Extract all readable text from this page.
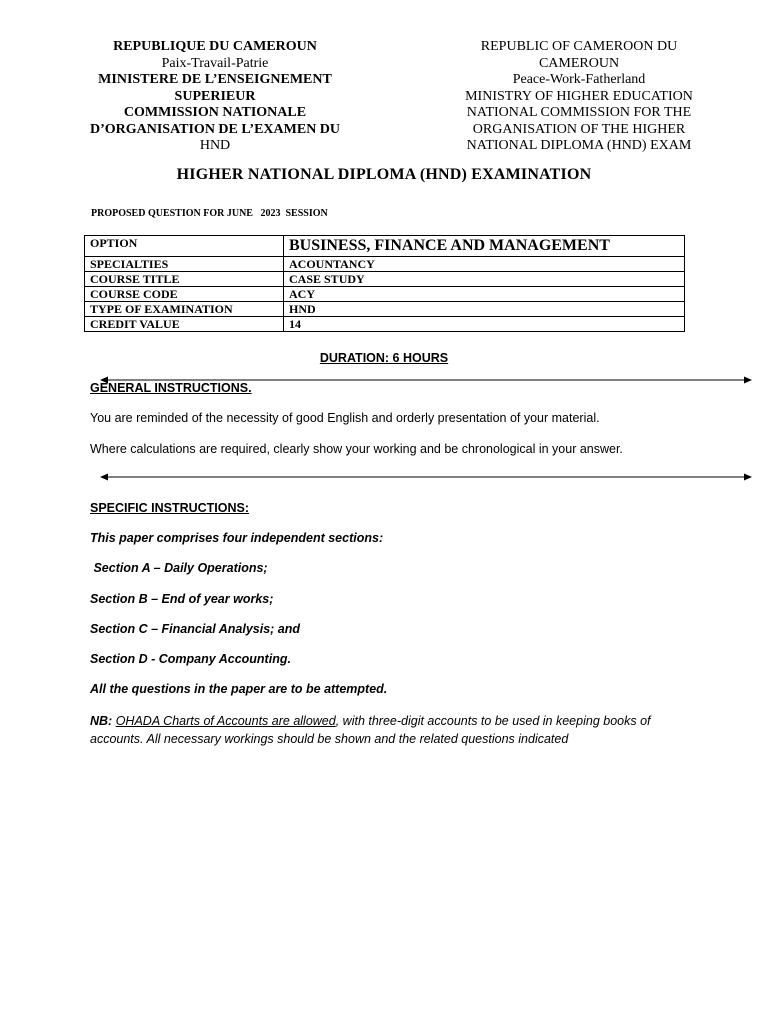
REPUBLIQUE DU CAMEROUN
Paix-Travail-Patrie
MINISTERE DE L’ENSEIGNEMENT
SUPERIEUR
COMMISSION NATIONALE
D’ORGANISATION DE L’EXAMEN DU
HND
REPUBLIC OF CAMEROON DU
CAMEROUN
Peace-Work-Fatherland
MINISTRY OF HIGHER EDUCATION
NATIONAL COMMISSION FOR THE
ORGANISATION OF THE HIGHER
NATIONAL DIPLOMA (HND) EXAM
HIGHER NATIONAL DIPLOMA (HND) EXAMINATION
PROPOSED QUESTION FOR JUNE   2023  SESSION
OPTION	BUSINESS, FINANCE AND MANAGEMENT
SPECIALTIES	ACOUNTANCY
COURSE TITLE	CASE STUDY
COURSE CODE	ACY
TYPE OF EXAMINATION	HND
CREDIT VALUE	14
DURATION: 6 HOURS
GENERAL INSTRUCTIONS.
You are reminded of the necessity of good English and orderly presentation of your material.
Where calculations are required, clearly show your working and be chronological in your answer.
SPECIFIC INSTRUCTIONS:
This paper comprises four independent sections:
Section A – Daily Operations;
Section B – End of year works;
Section C – Financial Analysis; and
Section D - Company Accounting.
All the questions in the paper are to be attempted.
NB: OHADA Charts of Accounts are allowed, with three-digit accounts to be used in keeping books of
accounts. All necessary workings should be shown and the related questions indicated
